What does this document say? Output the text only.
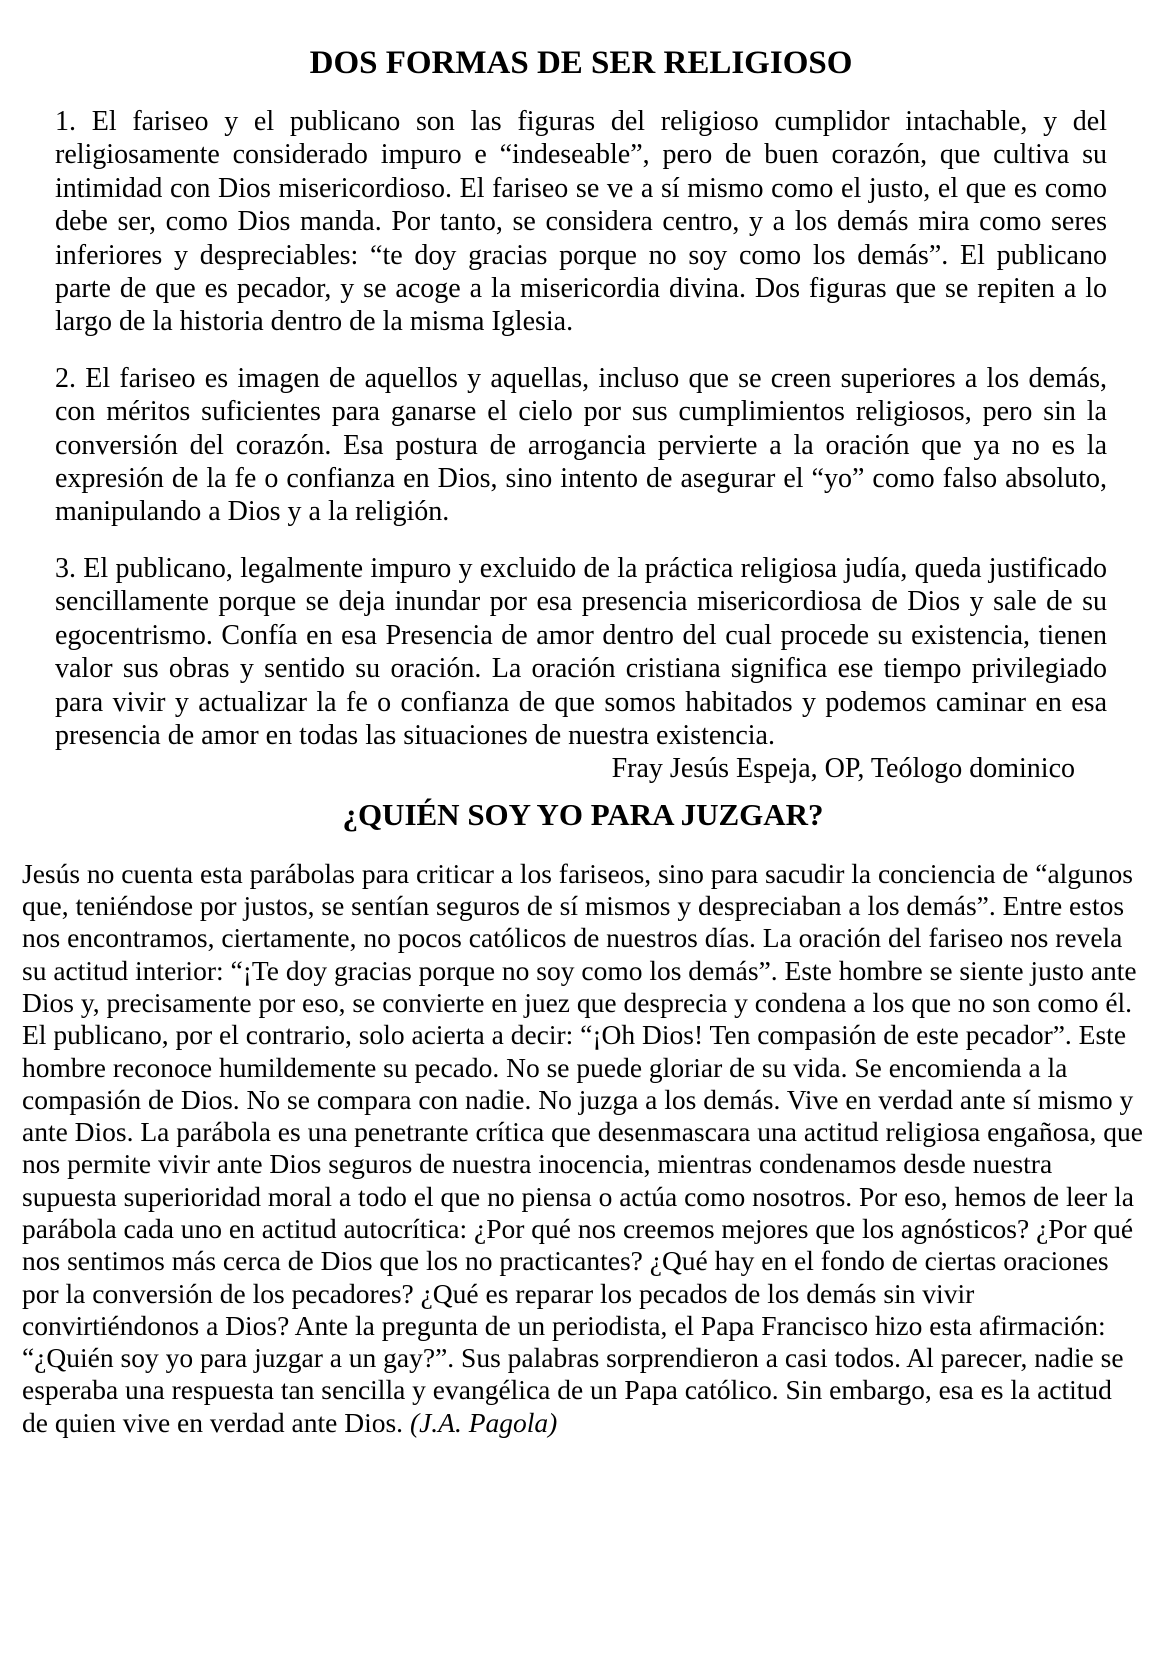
DOS FORMAS DE SER RELIGIOSO

1. El fariseo y el publicano son las figuras del religioso cumplidor intachable, y del religiosamente considerado impuro e “indeseable”, pero de buen corazón, que cultiva su intimidad con Dios misericordioso. El fariseo se ve a sí mismo como el justo, el que es como debe ser, como Dios manda. Por tanto, se considera centro, y a los demás mira como seres inferiores y despreciables: “te doy gracias porque no soy como los demás”. El publicano parte de que es pecador, y se acoge a la misericordia divina. Dos figuras que se repiten a lo largo de la historia dentro de la misma Iglesia.

2. El fariseo es imagen de aquellos y aquellas, incluso que se creen superiores a los demás, con méritos suficientes para ganarse el cielo por sus cumplimientos religiosos, pero sin la conversión del corazón. Esa postura de arrogancia pervierte a la oración que ya no es la expresión de la fe o confianza en Dios, sino intento de asegurar el “yo” como falso absoluto, manipulando a Dios y a la religión.

3. El publicano, legalmente impuro y excluido de la práctica religiosa judía, queda justificado sencillamente porque se deja inundar por esa presencia misericordiosa de Dios y sale de su egocentrismo. Confía en esa Presencia de amor dentro del cual procede su existencia, tienen valor sus obras y sentido su oración. La oración cristiana significa ese tiempo privilegiado para vivir y actualizar la fe o confianza de que somos habitados y podemos caminar en esa presencia de amor en todas las situaciones de nuestra existencia.

Fray Jesús Espeja, OP, Teólogo dominico

¿QUIÉN SOY YO PARA JUZGAR?

Jesús no cuenta esta parábolas para criticar a los fariseos, sino para sacudir la conciencia de “algunos que, teniéndose por justos, se sentían seguros de sí mismos y despreciaban a los demás”. Entre estos nos encontramos, ciertamente, no pocos católicos de nuestros días. La oración del fariseo nos revela su actitud interior: “¡Te doy gracias porque no soy como los demás”. Este hombre se siente justo ante Dios y, precisamente por eso, se convierte en juez que desprecia y condena a los que no son como él. El publicano, por el contrario, solo acierta a decir: “¡Oh Dios! Ten compasión de este pecador”. Este hombre reconoce humildemente su pecado. No se puede gloriar de su vida. Se encomienda a la compasión de Dios. No se compara con nadie. No juzga a los demás. Vive en verdad ante sí mismo y ante Dios. La parábola es una penetrante crítica que desenmascara una actitud religiosa engañosa, que nos permite vivir ante Dios seguros de nuestra inocencia, mientras condenamos desde nuestra supuesta superioridad moral a todo el que no piensa o actúa como nosotros. Por eso, hemos de leer la parábola cada uno en actitud autocrítica: ¿Por qué nos creemos mejores que los agnósticos? ¿Por qué nos sentimos más cerca de Dios que los no practicantes? ¿Qué hay en el fondo de ciertas oraciones por la conversión de los pecadores? ¿Qué es reparar los pecados de los demás sin vivir convirtiéndonos a Dios? Ante la pregunta de un periodista, el Papa Francisco hizo esta afirmación: “¿Quién soy yo para juzgar a un gay?”. Sus palabras sorprendieron a casi todos. Al parecer, nadie se esperaba una respuesta tan sencilla y evangélica de un Papa católico. Sin embargo, esa es la actitud de quien vive en verdad ante Dios. (J.A. Pagola)
